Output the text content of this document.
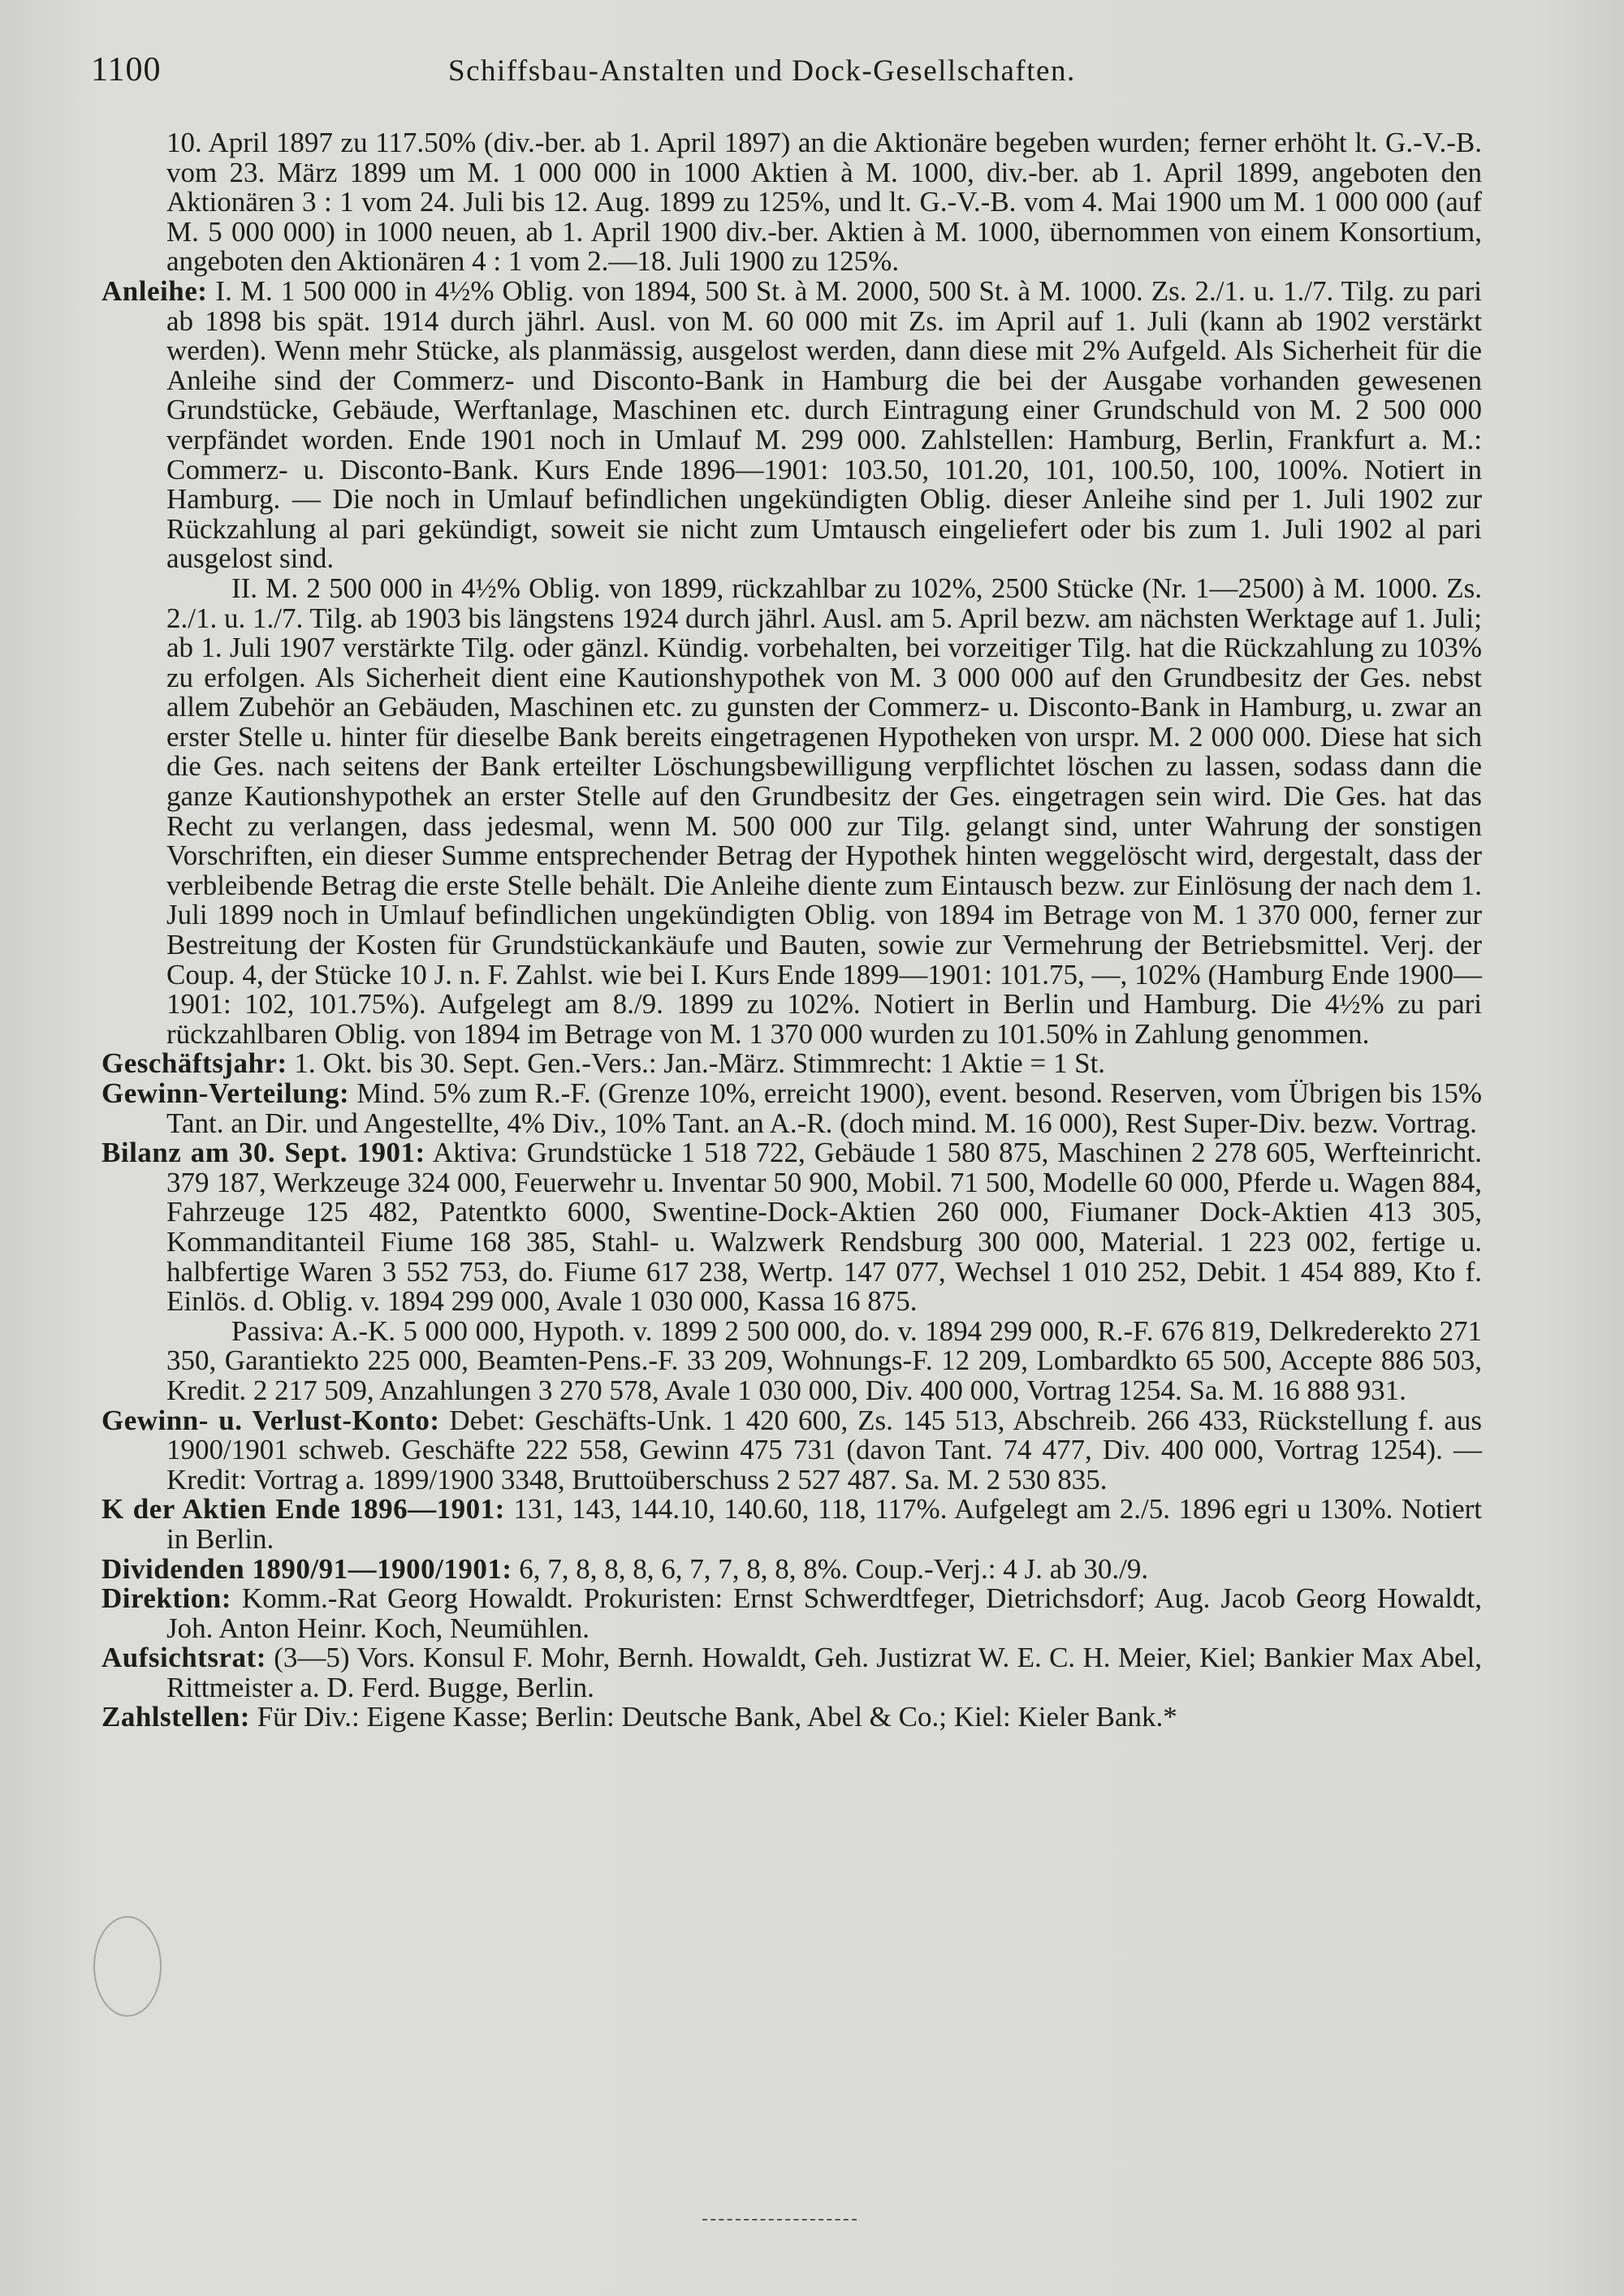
1100	Schiffsbau-Anstalten und Dock-Gesellschaften.

10. April 1897 zu 117.50% (div.-ber. ab 1. April 1897) an die Aktionäre begeben wurden; ferner erhöht lt. G.-V.-B. vom 23. März 1899 um M. 1 000 000 in 1000 Aktien à M. 1000, div.-ber. ab 1. April 1899, angeboten den Aktionären 3 : 1 vom 24. Juli bis 12. Aug. 1899 zu 125%, und lt. G.-V.-B. vom 4. Mai 1900 um M. 1 000 000 (auf M. 5 000 000) in 1000 neuen, ab 1. April 1900 div.-ber. Aktien à M. 1000, übernommen von einem Konsortium, angeboten den Aktionären 4 : 1 vom 2.—18. Juli 1900 zu 125%.

Anleihe: I. M. 1 500 000 in 4½% Oblig. von 1894, 500 St. à M. 2000, 500 St. à M. 1000. Zs. 2./1. u. 1./7. Tilg. zu pari ab 1898 bis spät. 1914 durch jährl. Ausl. von M. 60 000 mit Zs. im April auf 1. Juli (kann ab 1902 verstärkt werden). Wenn mehr Stücke, als planmässig, ausgelost werden, dann diese mit 2% Aufgeld. Als Sicherheit für die Anleihe sind der Commerz- und Disconto-Bank in Hamburg die bei der Ausgabe vorhanden gewesenen Grundstücke, Gebäude, Werftanlage, Maschinen etc. durch Eintragung einer Grundschuld von M. 2 500 000 verpfändet worden. Ende 1901 noch in Umlauf M. 299 000. Zahlstellen: Hamburg, Berlin, Frankfurt a. M.: Commerz- u. Disconto-Bank. Kurs Ende 1896—1901: 103.50, 101.20, 101, 100.50, 100, 100%. Notiert in Hamburg. — Die noch in Umlauf befindlichen ungekündigten Oblig. dieser Anleihe sind per 1. Juli 1902 zur Rückzahlung al pari gekündigt, soweit sie nicht zum Umtausch eingeliefert oder bis zum 1. Juli 1902 al pari ausgelost sind.

II. M. 2 500 000 in 4½% Oblig. von 1899, rückzahlbar zu 102%, 2500 Stücke (Nr. 1—2500) à M. 1000. Zs. 2./1. u. 1./7. Tilg. ab 1903 bis längstens 1924 durch jährl. Ausl. am 5. April bezw. am nächsten Werktage auf 1. Juli; ab 1. Juli 1907 verstärkte Tilg. oder gänzl. Kündig. vorbehalten, bei vorzeitiger Tilg. hat die Rückzahlung zu 103% zu erfolgen. Als Sicherheit dient eine Kautionshypothek von M. 3 000 000 auf den Grundbesitz der Ges. nebst allem Zubehör an Gebäuden, Maschinen etc. zu gunsten der Commerz- u. Disconto-Bank in Hamburg, u. zwar an erster Stelle u. hinter für dieselbe Bank bereits eingetragenen Hypotheken von urspr. M. 2 000 000. Diese hat sich die Ges. nach seitens der Bank erteilter Löschungsbewilligung verpflichtet löschen zu lassen, sodass dann die ganze Kautionshypothek an erster Stelle auf den Grundbesitz der Ges. eingetragen sein wird. Die Ges. hat das Recht zu verlangen, dass jedesmal, wenn M. 500 000 zur Tilg. gelangt sind, unter Wahrung der sonstigen Vorschriften, ein dieser Summe entsprechender Betrag der Hypothek hinten weggelöscht wird, dergestalt, dass der verbleibende Betrag die erste Stelle behält. Die Anleihe diente zum Eintausch bezw. zur Einlösung der nach dem 1. Juli 1899 noch in Umlauf befindlichen ungekündigten Oblig. von 1894 im Betrage von M. 1 370 000, ferner zur Bestreitung der Kosten für Grundstückankäufe und Bauten, sowie zur Vermehrung der Betriebsmittel. Verj. der Coup. 4, der Stücke 10 J. n. F. Zahlst. wie bei I. Kurs Ende 1899—1901: 101.75, —, 102% (Hamburg Ende 1900—1901: 102, 101.75%). Aufgelegt am 8./9. 1899 zu 102%. Notiert in Berlin und Hamburg. Die 4½% zu pari rückzahlbaren Oblig. von 1894 im Betrage von M. 1 370 000 wurden zu 101.50% in Zahlung genommen.

Geschäftsjahr: 1. Okt. bis 30. Sept. Gen.-Vers.: Jan.-März. Stimmrecht: 1 Aktie = 1 St.

Gewinn-Verteilung: Mind. 5% zum R.-F. (Grenze 10%, erreicht 1900), event. besond. Reserven, vom Übrigen bis 15% Tant. an Dir. und Angestellte, 4% Div., 10% Tant. an A.-R. (doch mind. M. 16 000), Rest Super-Div. bezw. Vortrag.

Bilanz am 30. Sept. 1901: Aktiva: Grundstücke 1 518 722, Gebäude 1 580 875, Maschinen 2 278 605, Werfteinricht. 379 187, Werkzeuge 324 000, Feuerwehr u. Inventar 50 900, Mobil. 71 500, Modelle 60 000, Pferde u. Wagen 884, Fahrzeuge 125 482, Patentkto 6000, Swentine-Dock-Aktien 260 000, Fiumaner Dock-Aktien 413 305, Kommanditanteil Fiume 168 385, Stahl- u. Walzwerk Rendsburg 300 000, Material. 1 223 002, fertige u. halbfertige Waren 3 552 753, do. Fiume 617 238, Wertp. 147 077, Wechsel 1 010 252, Debit. 1 454 889, Kto f. Einlös. d. Oblig. v. 1894 299 000, Avale 1 030 000, Kassa 16 875.

Passiva: A.-K. 5 000 000, Hypoth. v. 1899 2 500 000, do. v. 1894 299 000, R.-F. 676 819, Delkrederekto 271 350, Garantiekto 225 000, Beamten-Pens.-F. 33 209, Wohnungs-F. 12 209, Lombardkto 65 500, Accepte 886 503, Kredit. 2 217 509, Anzahlungen 3 270 578, Avale 1 030 000, Div. 400 000, Vortrag 1254. Sa. M. 16 888 931.

Gewinn- u. Verlust-Konto: Debet: Geschäfts-Unk. 1 420 600, Zs. 145 513, Abschreib. 266 433, Rückstellung f. aus 1900/1901 schweb. Geschäfte 222 558, Gewinn 475 731 (davon Tant. 74 477, Div. 400 000, Vortrag 1254). — Kredit: Vortrag a. 1899/1900 3348, Bruttoüberschuss 2 527 487. Sa. M. 2 530 835.

K der Aktien Ende 1896—1901: 131, 143, 144.10, 140.60, 118, 117%. Aufgelegt am 2./5. 1896 egri u 130%. Notiert in Berlin.

Dividenden 1890/91—1900/1901: 6, 7, 8, 8, 8, 6, 7, 7, 8, 8, 8%. Coup.-Verj.: 4 J. ab 30./9.

Direktion: Komm.-Rat Georg Howaldt. Prokuristen: Ernst Schwerdtfeger, Dietrichsdorf; Aug. Jacob Georg Howaldt, Joh. Anton Heinr. Koch, Neumühlen.

Aufsichtsrat: (3—5) Vors. Konsul F. Mohr, Bernh. Howaldt, Geh. Justizrat W. E. C. H. Meier, Kiel; Bankier Max Abel, Rittmeister a. D. Ferd. Bugge, Berlin.

Zahlstellen: Für Div.: Eigene Kasse; Berlin: Deutsche Bank, Abel & Co.; Kiel: Kieler Bank.*
